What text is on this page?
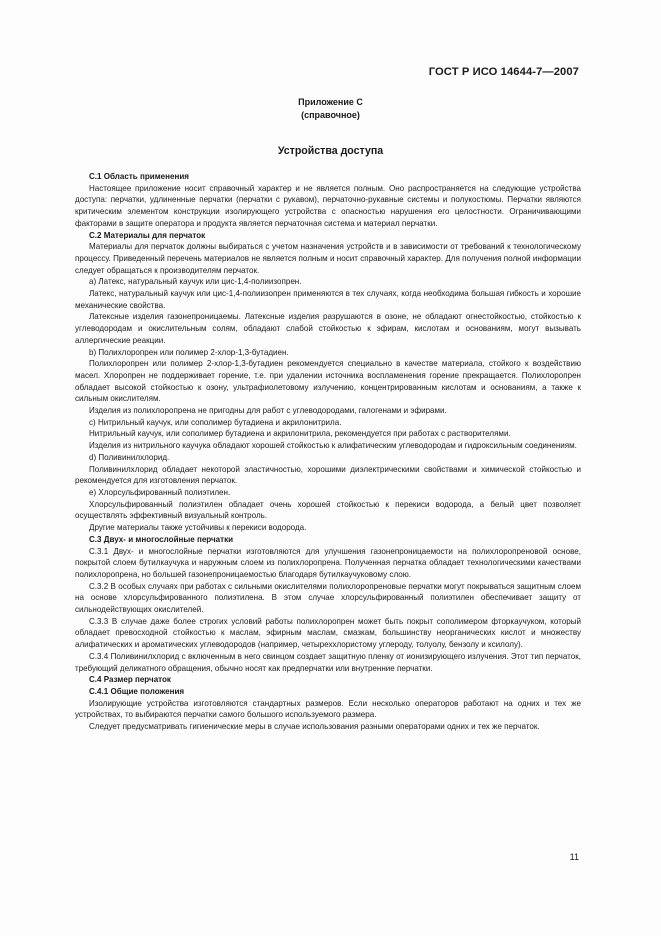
ГОСТ Р ИСО 14644-7—2007
Приложение С
(справочное)
Устройства доступа

С.1 Область применения

Настоящее приложение носит справочный характер и не является полным. Оно распространяется на следующие устройства доступа: перчатки, удлиненные перчатки (перчатки с рукавом), перчаточно-рукавные системы и полукостюмы. Перчатки являются критическим элементом конструкции изолирующего устройства с опасностью нарушения его целостности. Ограничивающими факторами в защите оператора и продукта является перчаточная система и материал перчатки.

С.2 Материалы для перчаток

Материалы для перчаток должны выбираться с учетом назначения устройств и в зависимости от требований к технологическому процессу. Приведенный перечень материалов не является полным и носит справочный характер. Для получения полной информации следует обращаться к производителям перчаток.

а) Латекс, натуральный каучук или цис-1,4-полиизопрен.

Латекс, натуральный каучук или цис-1,4-полиизопрен применяются в тех случаях, когда необходима большая гибкость и хорошие механические свойства.

Латексные изделия газонепроницаемы. Латексные изделия разрушаются в озоне, не обладают огнестойкостью, стойкостью к углеводородам и окислительным солям, обладают слабой стойкостью к эфирам, кислотам и основаниям, могут вызывать аллергические реакции.

b) Полихлоропрен или полимер 2-хлор-1,3-бутадиен.

Полихлоропрен или полимер 2-хлор-1,3-бутадиен рекомендуется специально в качестве материала, стойкого к воздействию масел. Хлоропрен не поддерживает горение, т.е. при удалении источника воспламенения горение прекращается. Полихлоропрен обладает высокой стойкостью к озону, ультрафиолетовому излучению, концентрированным кислотам и основаниям, а также к сильным окислителям.

Изделия из полихлоропрена не пригодны для работ с углеводородами, галогенами и эфирами.

с) Нитрильный каучук, или сополимер бутадиена и акрилонитрила.

Нитрильный каучук, или сополимер бутадиена и акрилонитрила, рекомендуется при работах с растворителями.

Изделия из нитрильного каучука обладают хорошей стойкостью к алифатическим углеводородам и гидроксильным соединениям.

d) Поливинилхлорид.

Поливинилхлорид обладает некоторой эластичностью, хорошими диэлектрическими свойствами и химической стойкостью и рекомендуется для изготовления перчаток.

е) Хлорсульфированный полиэтилен.

Хлорсульфированный полиэтилен обладает очень хорошей стойкостью к перекиси водорода, а белый цвет позволяет осуществлять эффективный визуальный контроль.

Другие материалы также устойчивы к перекиси водорода.

С.3 Двух- и многослойные перчатки

С.3.1 Двух- и многослойные перчатки изготовляются для улучшения газонепроницаемости на полихлоропреновой основе, покрытой слоем бутилкаучука и наружным слоем из полихлоропрена. Полученная перчатка обладает технологическими качествами полихлоропрена, но большей газонепроницаемостью благодаря бутилкаучуковому слою.

С.3.2 В особых случаях при работах с сильными окислителями полихлоропреновые перчатки могут покрываться защитным слоем на основе хлорсульфированного полиэтилена. В этом случае хлорсульфированный полиэтилен обеспечивает защиту от сильнодействующих окислителей.

С.3.3 В случае даже более строгих условий работы полихлоропрен может быть покрыт сополимером фторкаучуком, который обладает превосходной стойкостью к маслам, эфирным маслам, смазкам, большинству неорганических кислот и множеству алифатических и ароматических углеводородов (например, четыреххлористому углероду, толуолу, бензолу и ксилолу).

С.3.4 Поливинилхлорид с включенным в него свинцом создает защитную пленку от ионизирующего излучения. Этот тип перчаток, требующий деликатного обращения, обычно носят как предперчатки или внутренние перчатки.

С.4 Размер перчаток

С.4.1 Общие положения

Изолирующие устройства изготовляются стандартных размеров. Если несколько операторов работают на одних и тех же устройствах, то выбираются перчатки самого большого используемого размера.

Следует предусматривать гигиенические меры в случае использования разными операторами одних и тех же перчаток.

11
